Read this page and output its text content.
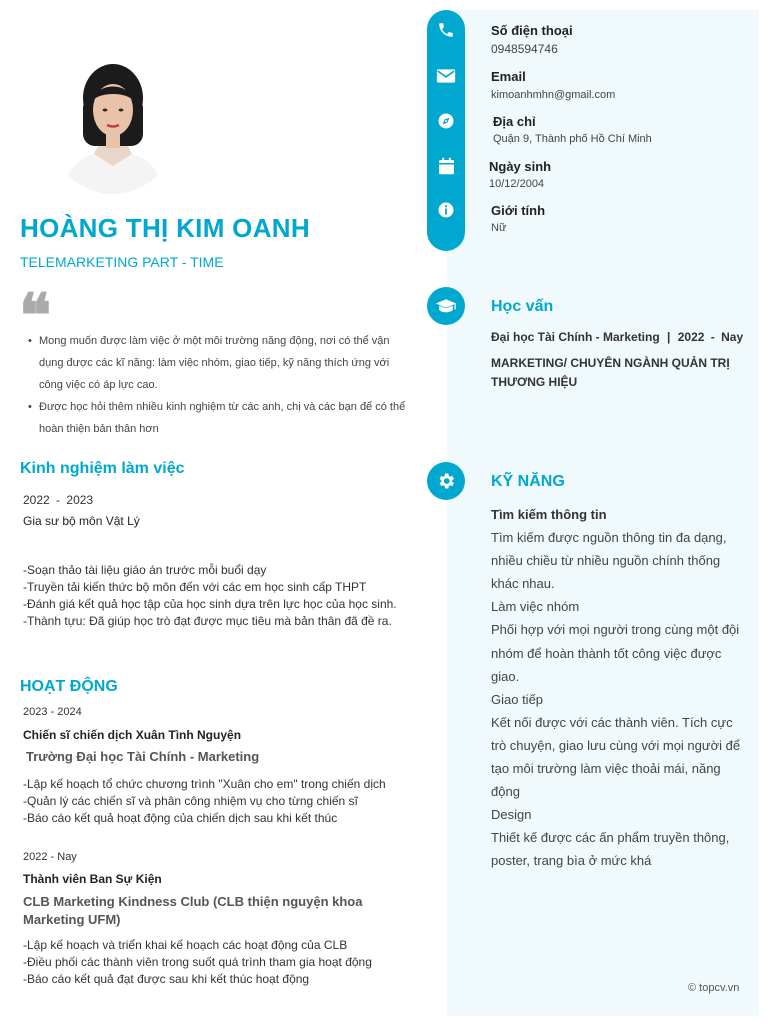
Số điện thoại
0948594746
Email
kimoanhmhn@gmail.com
Địa chỉ
Quận 9, Thành phố Hồ Chí Minh
Ngày sinh
10/12/2004
Giới tính
Nữ
Học vấn
Đại học Tài Chính - Marketing | 2022 - Nay
MARKETING/ CHUYÊN NGÀNH QUẢN TRỊ THƯƠNG HIỆU
KỸ NĂNG
Tìm kiếm thông tin
Tìm kiếm được nguồn thông tin đa dạng, nhiều chiều từ nhiều nguồn chính thống khác nhau.
Làm việc nhóm
Phối hợp với mọi người trong cùng một đội nhóm để hoàn thành tốt công việc được giao.
Giao tiếp
Kết nối được với các thành viên. Tích cực trò chuyện, giao lưu cùng với mọi người để tạo môi trường làm việc thoải mái, năng động
Design
Thiết kế được các ấn phẩm truyền thông, poster, trang bìa ở mức khá
© topcv.vn
HOÀNG THỊ KIM OANH
TELEMARKETING PART - TIME
❝
• Mong muốn được làm việc ở một môi trường năng động, nơi có thể vận dụng được các kĩ năng: làm việc nhóm, giao tiếp, kỹ năng thích ứng với công việc có áp lực cao.
• Được học hỏi thêm nhiều kinh nghiệm từ các anh, chị và các bạn để có thể hoàn thiện bản thân hơn
Kinh nghiệm làm việc
2022 - 2023
Gia sư bộ môn Vật Lý
-Soạn thảo tài liệu giáo án trước mỗi buổi dạy
-Truyền tải kiến thức bộ môn đến với các em học sinh cấp THPT
-Đánh giá kết quả học tập của học sinh dựa trên lực học của học sinh.
-Thành tựu: Đã giúp học trò đạt được mục tiêu mà bản thân đã đề ra.
HOẠT ĐỘNG
2023 - 2024
Chiến sĩ chiến dịch Xuân Tình Nguyện
Trường Đại học Tài Chính - Marketing
-Lập kế hoạch tổ chức chương trình "Xuân cho em" trong chiến dịch
-Quản lý các chiến sĩ và phân công nhiệm vụ cho từng chiến sĩ
-Báo cáo kết quả hoạt động của chiến dịch sau khi kết thúc
2022 - Nay
Thành viên Ban Sự Kiện
CLB Marketing Kindness Club (CLB thiện nguyện khoa Marketing UFM)
-Lập kế hoạch và triển khai kế hoạch các hoạt động của CLB
-Điều phối các thành viên trong suốt quá trình tham gia hoạt động
-Báo cáo kết quả đạt được sau khi kết thúc hoạt động
